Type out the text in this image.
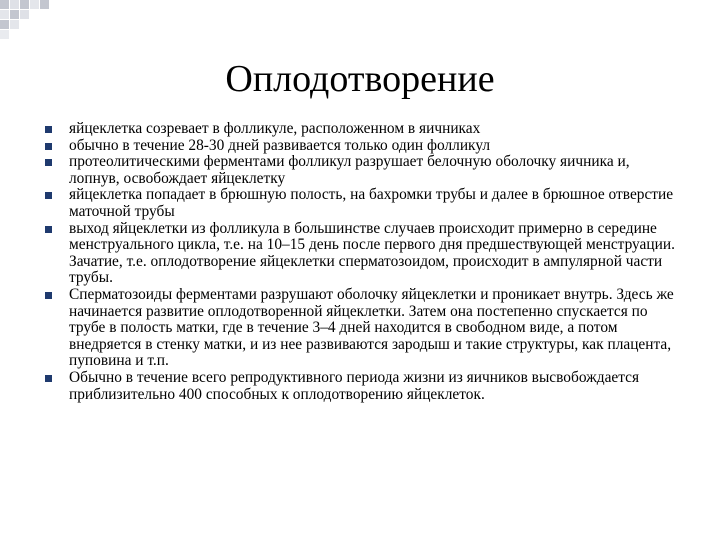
Оплодотворение
яйцеклетка созревает в фолликуле, расположенном в яичниках
обычно в течение 28-30 дней развивается только один фолликул
протеолитическими ферментами фолликул разрушает белочную оболочку яичника и, лопнув, освобождает яйцеклетку
яйцеклетка попадает в брюшную полость, на бахромки трубы и далее в брюшное отверстие маточной трубы
выход яйцеклетки из фолликула в большинстве случаев происходит примерно в середине менструального цикла, т.е. на 10–15 день после первого дня предшествующей менструации. Зачатие, т.е. оплодотворение яйцеклетки сперматозоидом, происходит в ампулярной части трубы.
Сперматозоиды ферментами разрушают оболочку яйцеклетки и проникает внутрь. Здесь же начинается развитие оплодотворенной яйцеклетки. Затем она постепенно спускается по трубе в полость матки, где в течение 3–4 дней находится в свободном виде, а потом внедряется в стенку матки, и из нее развиваются зародыш и такие структуры, как плацента, пуповина и т.п.
Обычно в течение всего репродуктивного периода жизни из яичников высвобождается приблизительно 400 способных к оплодотворению яйцеклеток.
